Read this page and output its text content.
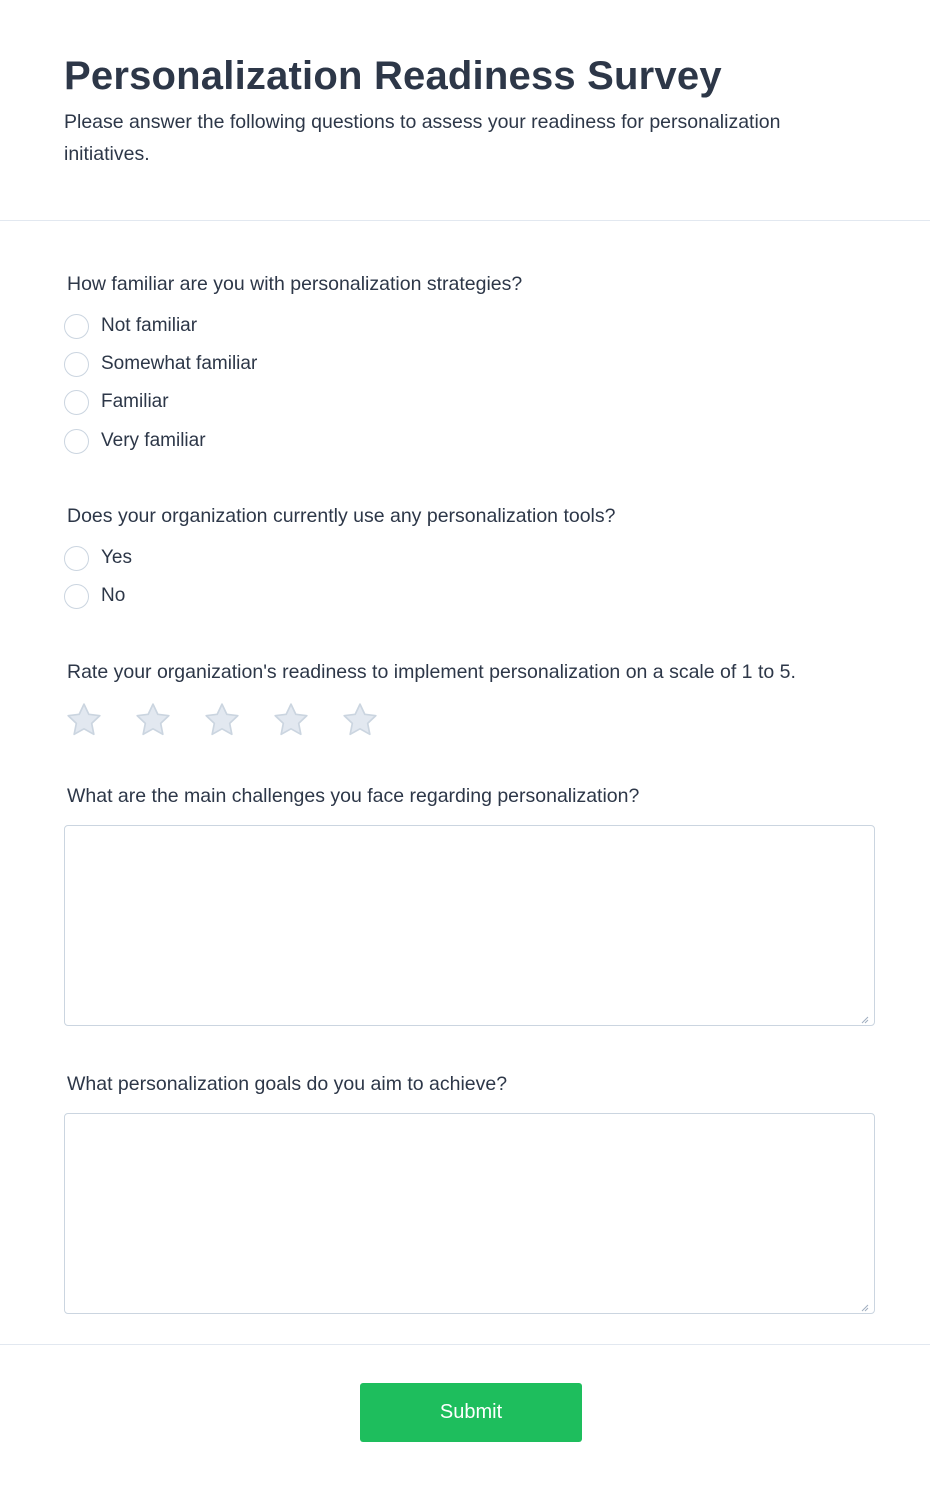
Personalization Readiness Survey

Please answer the following questions to assess your readiness for personalization initiatives.

How familiar are you with personalization strategies?
Not familiar
Somewhat familiar
Familiar
Very familiar
Does your organization currently use any personalization tools?
Yes
No
Rate your organization's readiness to implement personalization on a scale of 1 to 5.
What are the main challenges you face regarding personalization?
What personalization goals do you aim to achieve?
Submit
